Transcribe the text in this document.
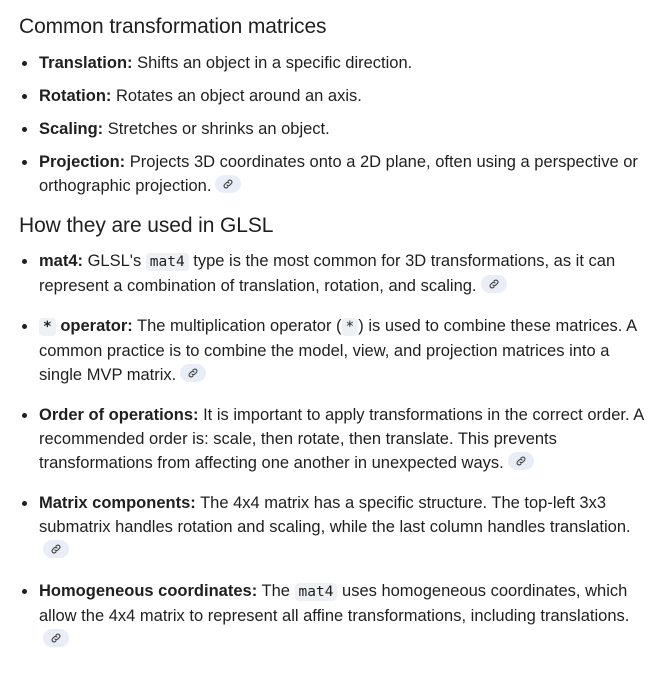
Common transformation matrices
Translation: Shifts an object in a specific direction.
Rotation: Rotates an object around an axis.
Scaling: Stretches or shrinks an object.
Projection: Projects 3D coordinates onto a 2D plane, often using a perspective or orthographic projection.
How they are used in GLSL
mat4: GLSL's mat4 type is the most common for 3D transformations, as it can represent a combination of translation, rotation, and scaling.
* operator: The multiplication operator ( * ) is used to combine these matrices. A common practice is to combine the model, view, and projection matrices into a single MVP matrix.
Order of operations: It is important to apply transformations in the correct order. A recommended order is: scale, then rotate, then translate. This prevents transformations from affecting one another in unexpected ways.
Matrix components: The 4x4 matrix has a specific structure. The top-left 3x3 submatrix handles rotation and scaling, while the last column handles translation.
Homogeneous coordinates: The mat4 uses homogeneous coordinates, which allow the 4x4 matrix to represent all affine transformations, including translations.
